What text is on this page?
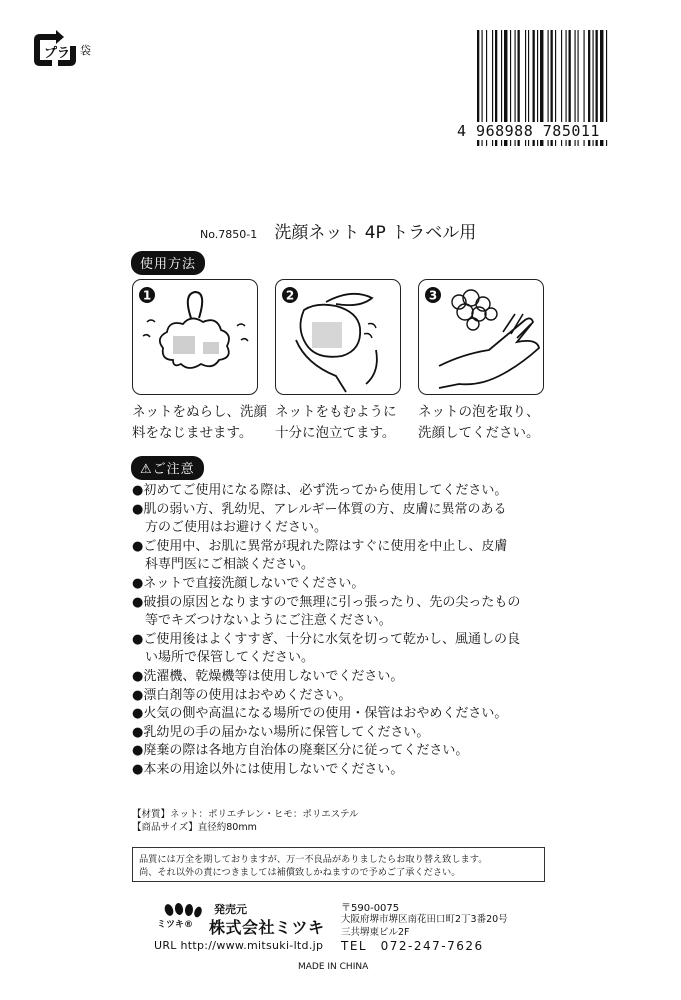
プラ 袋
4 968988 785011
No.7850-1 洗顔ネット 4P トラベル用
使用方法
1	2	3
ネットをぬらし、洗顔
料をなじませます。
ネットをもむように
十分に泡立てます。
ネットの泡を取り、
洗顔してください。
⚠ご注意
●初めてご使用になる際は、必ず洗ってから使用してください。
●肌の弱い方、乳幼児、アレルギー体質の方、皮膚に異常のある
　方のご使用はお避けください。
●ご使用中、お肌に異常が現れた際はすぐに使用を中止し、皮膚
　科専門医にご相談ください。
●ネットで直接洗顔しないでください。
●破損の原因となりますので無理に引っ張ったり、先の尖ったもの
　等でキズつけないようにご注意ください。
●ご使用後はよくすすぎ、十分に水気を切って乾かし、風通しの良
　い場所で保管してください。
●洗濯機、乾燥機等は使用しないでください。
●漂白剤等の使用はおやめください。
●火気の側や高温になる場所での使用・保管はおやめください。
●乳幼児の手の届かない場所に保管してください。
●廃棄の際は各地方自治体の廃棄区分に従ってください。
●本来の用途以外には使用しないでください。
【材質】ネット：ポリエチレン・ヒモ：ポリエステル
【商品サイズ】直径約80mm
品質には万全を期しておりますが、万一不良品がありましたらお取り替え致します。
尚、それ以外の責につきましては補償致しかねますので予めご了承ください。
ミツキ®
発売元
株式会社ミツキ
URL http://www.mitsuki-ltd.jp
〒590-0075
大阪府堺市堺区南花田口町2丁3番20号
三共堺東ビル2F
TEL　072-247-7626
MADE IN CHINA
